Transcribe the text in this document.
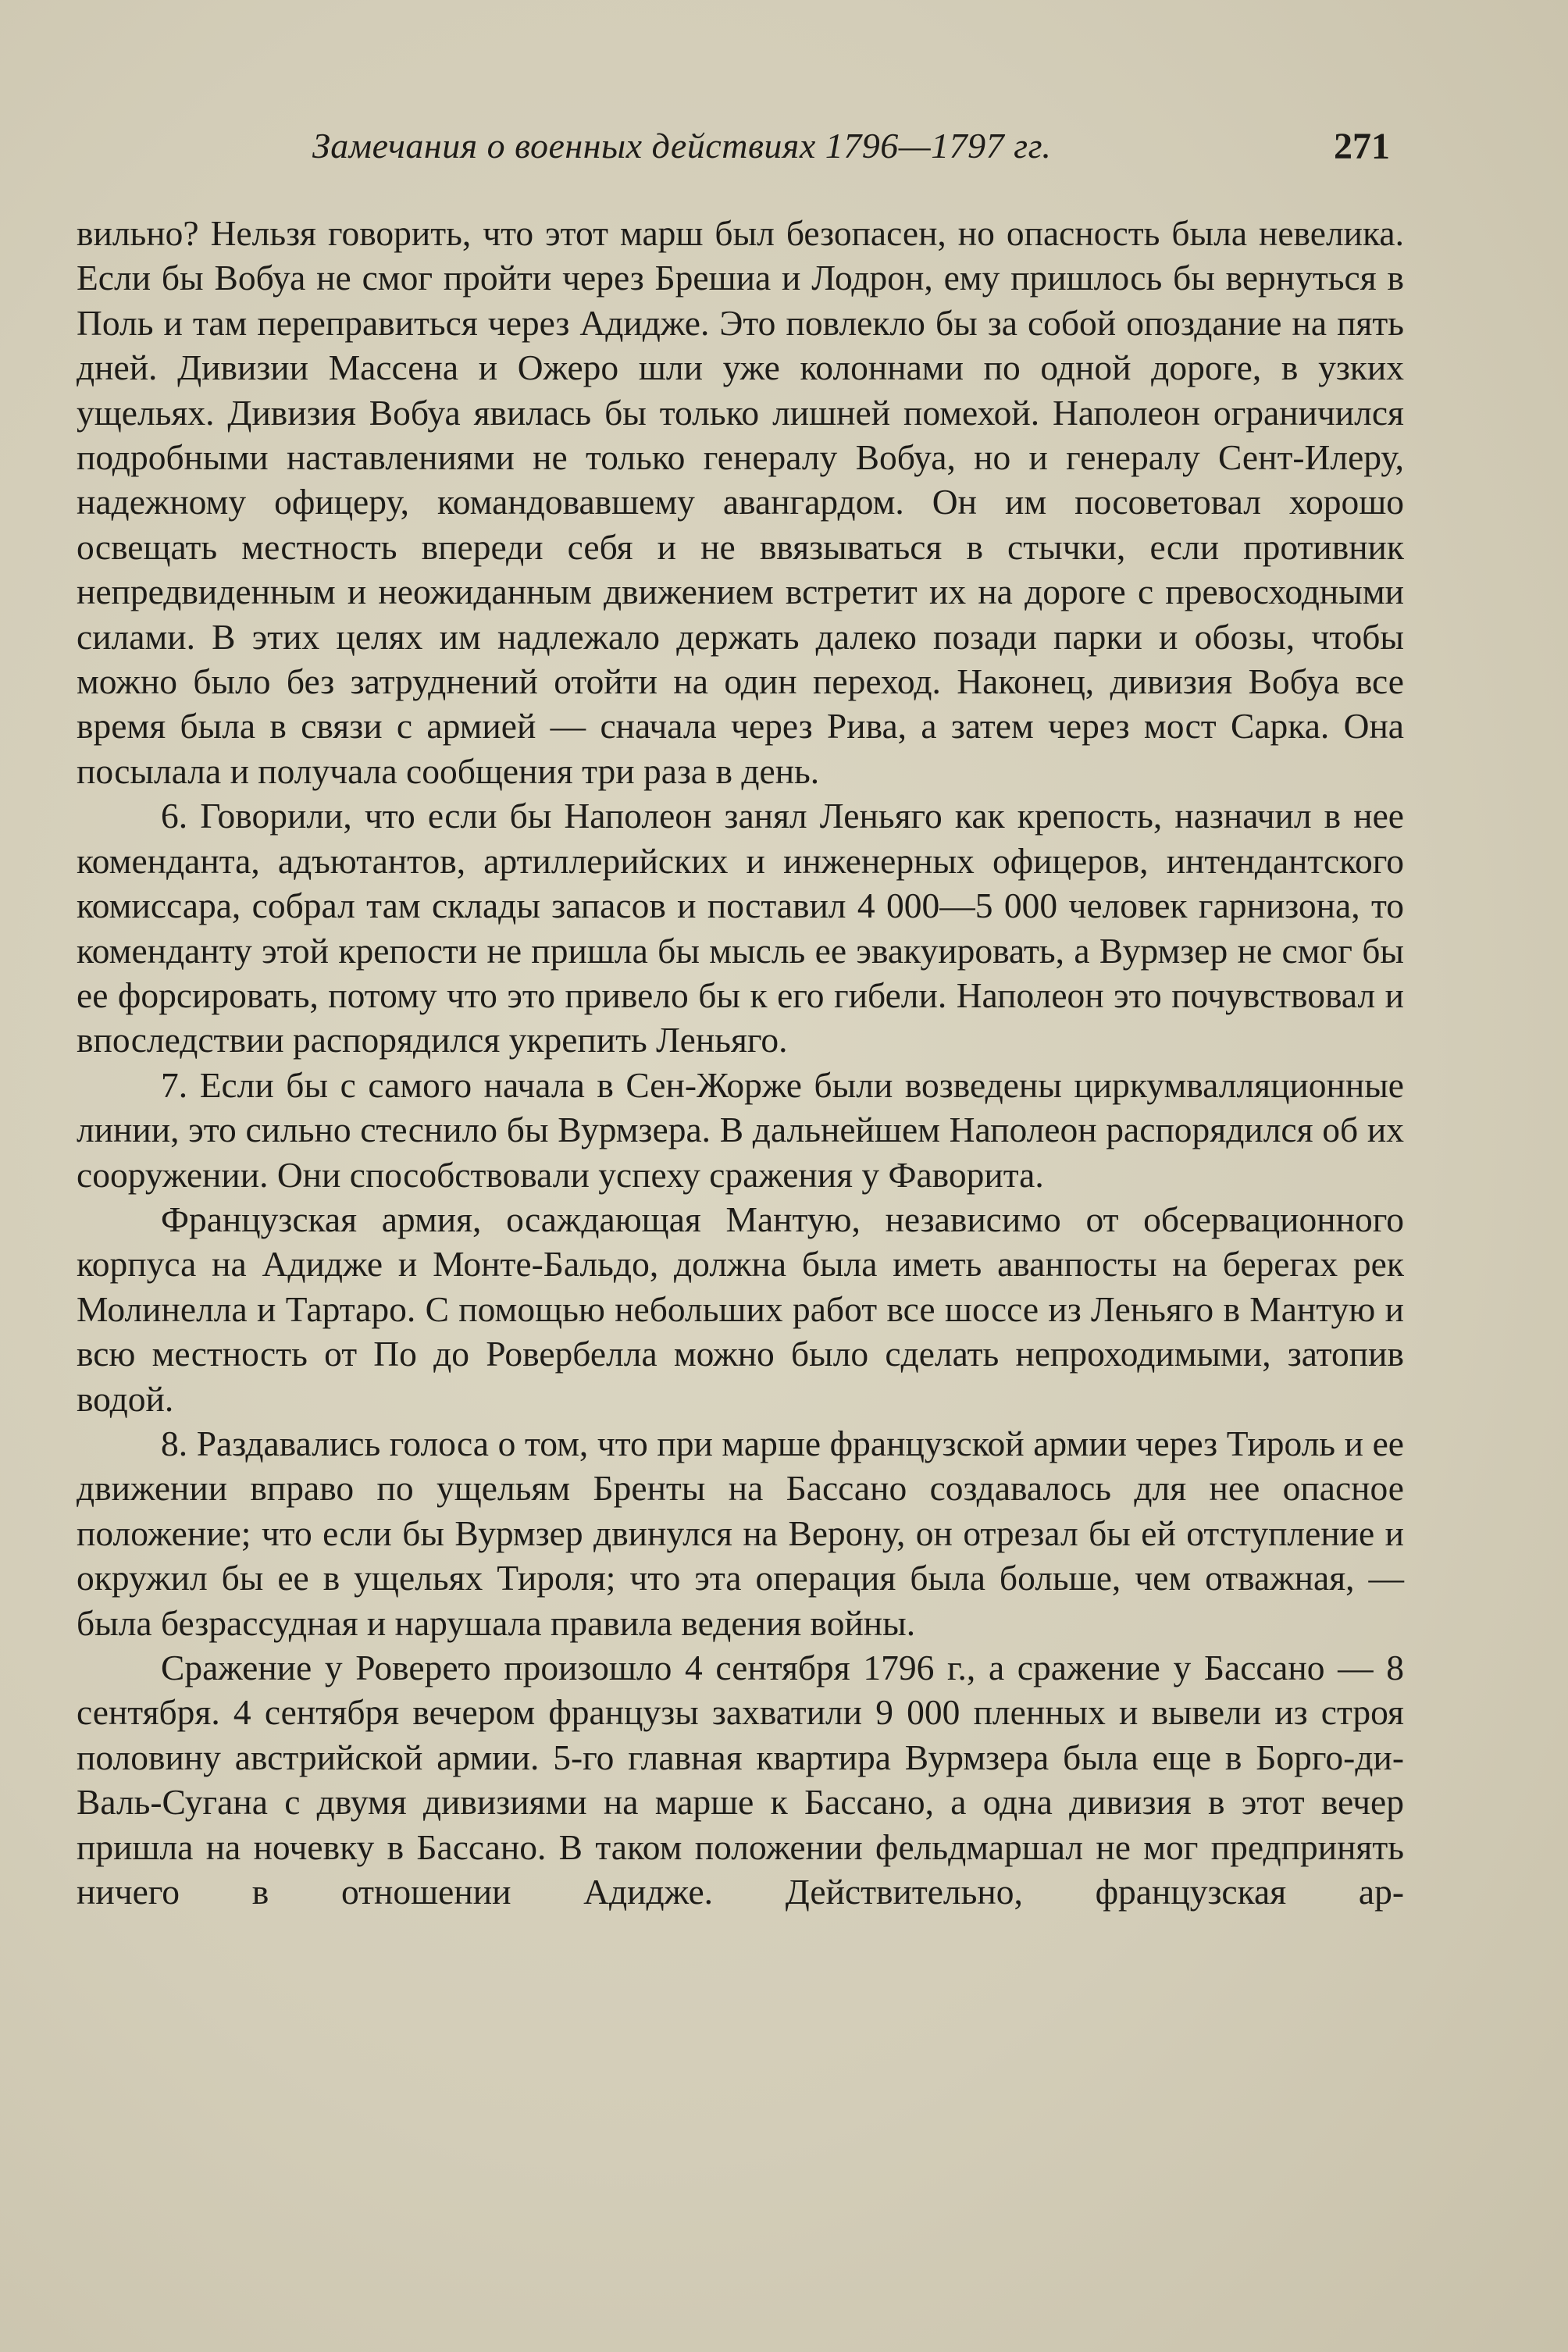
Замечания о военных действиях 1796—1797 гг.	271

вильно? Нельзя говорить, что этот марш был безопасен, но опасность была невелика. Если бы Вобуа не смог пройти через Брешиа и Лодрон, ему пришлось бы вернуться в Поль и там переправиться через Адидже. Это повлекло бы за собой опоздание на пять дней. Дивизии Массена и Ожеро шли уже колоннами по одной дороге, в узких ущельях. Дивизия Вобуа явилась бы только лишней помехой. Наполеон ограничился подробными наставлениями не только генералу Вобуа, но и генералу Сент-Илеру, надежному офицеру, командовавшему авангардом. Он им посоветовал хорошо освещать местность впереди себя и не ввязываться в стычки, если противник непредвиденным и неожиданным движением встретит их на дороге с превосходными силами. В этих целях им надлежало держать далеко позади парки и обозы, чтобы можно было без затруднений отойти на один переход. Наконец, дивизия Вобуа все время была в связи с армией — сначала через Рива, а затем через мост Сарка. Она посылала и получала сообщения три раза в день.

6. Говорили, что если бы Наполеон занял Леньяго как крепость, назначил в нее коменданта, адъютантов, артиллерийских и инженерных офицеров, интендантского комиссара, собрал там склады запасов и поставил 4 000—5 000 человек гарнизона, то коменданту этой крепости не пришла бы мысль ее эвакуировать, а Вурмзер не смог бы ее форсировать, потому что это привело бы к его гибели. Наполеон это почувствовал и впоследствии распорядился укрепить Леньяго.

7. Если бы с самого начала в Сен-Жорже были возведены циркумвалляционные линии, это сильно стеснило бы Вурмзера. В дальнейшем Наполеон распорядился об их сооружении. Они способствовали успеху сражения у Фаворита.

Французская армия, осаждающая Мантую, независимо от обсервационного корпуса на Адидже и Монте-Бальдо, должна была иметь аванпосты на берегах рек Молинелла и Тартаро. С помощью небольших работ все шоссе из Леньяго в Мантую и всю местность от По до Ровербелла можно было сделать непроходимыми, затопив водой.

8. Раздавались голоса о том, что при марше французской армии через Тироль и ее движении вправо по ущельям Бренты на Бассано создавалось для нее опасное положение; что если бы Вурмзер двинулся на Верону, он отрезал бы ей отступление и окружил бы ее в ущельях Тироля; что эта операция была больше, чем отважная, — была безрассудная и нарушала правила ведения войны.

Сражение у Роверето произошло 4 сентября 1796 г., а сражение у Бассано — 8 сентября. 4 сентября вечером французы захватили 9 000 пленных и вывели из строя половину австрийской армии. 5-го главная квартира Вурмзера была еще в Борго-ди-Валь-Сугана с двумя дивизиями на марше к Бассано, а одна дивизия в этот вечер пришла на ночевку в Бассано. В таком положении фельдмаршал не мог предпринять ничего в отношении Адидже. Действительно, французская ар-
